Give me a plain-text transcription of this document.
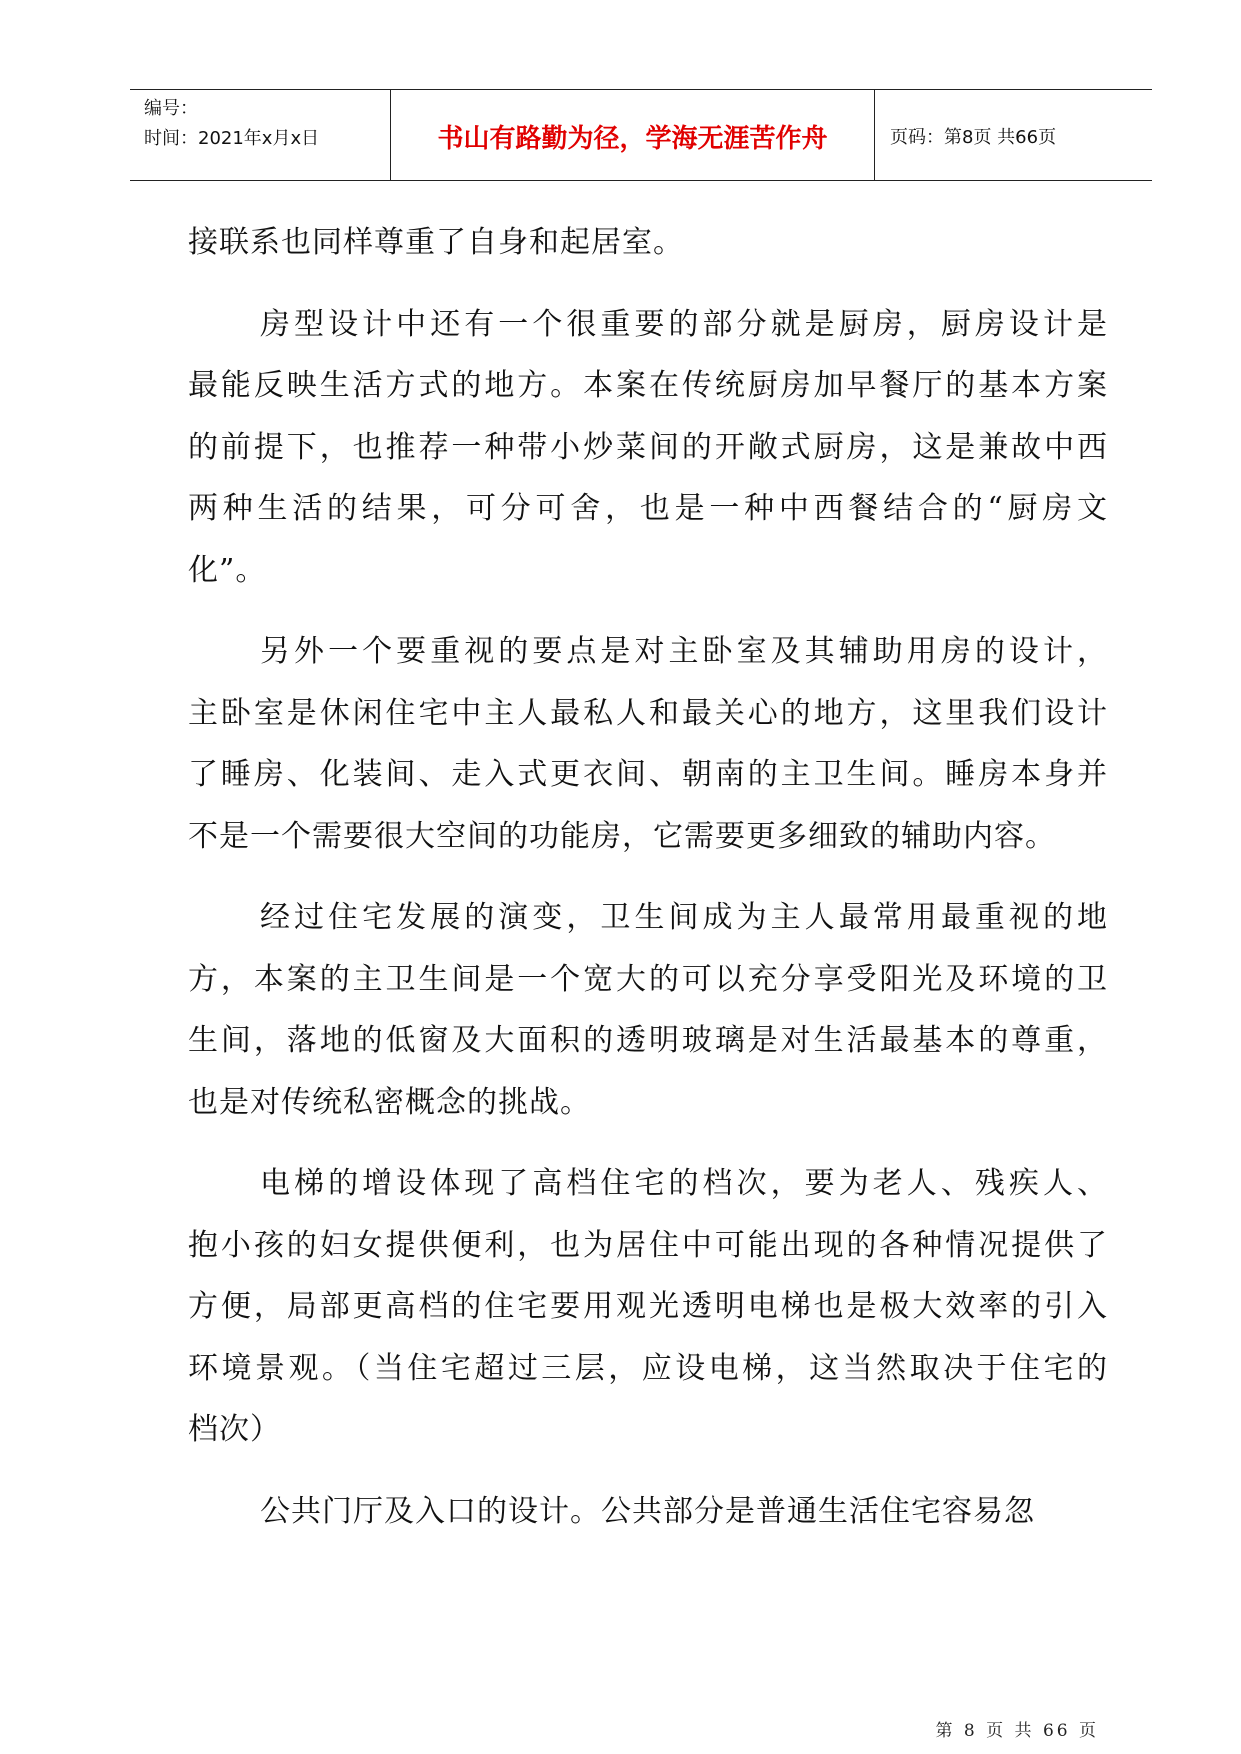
编号：
时间：2021年x月x日	书山有路勤为径，学海无涯苦作舟	页码：第8页 共66页
接联系也同样尊重了自身和起居室。
房型设计中还有一个很重要的部分就是厨房，厨房设计是
最能反映生活方式的地方。本案在传统厨房加早餐厅的基本方案
的前提下，也推荐一种带小炒菜间的开敞式厨房，这是兼故中西
两种生活的结果，可分可舍，也是一种中西餐结合的“厨房文
化”。
另外一个要重视的要点是对主卧室及其辅助用房的设计，
主卧室是休闲住宅中主人最私人和最关心的地方，这里我们设计
了睡房、化装间、走入式更衣间、朝南的主卫生间。睡房本身并
不是一个需要很大空间的功能房，它需要更多细致的辅助内容。
经过住宅发展的演变，卫生间成为主人最常用最重视的地
方，本案的主卫生间是一个宽大的可以充分享受阳光及环境的卫
生间，落地的低窗及大面积的透明玻璃是对生活最基本的尊重，
也是对传统私密概念的挑战。
电梯的增设体现了高档住宅的档次，要为老人、残疾人、
抱小孩的妇女提供便利，也为居住中可能出现的各种情况提供了
方便，局部更高档的住宅要用观光透明电梯也是极大效率的引入
环境景观。（当住宅超过三层，应设电梯，这当然取决于住宅的
档次）
公共门厅及入口的设计。公共部分是普通生活住宅容易忽
第 8 页 共 66 页
